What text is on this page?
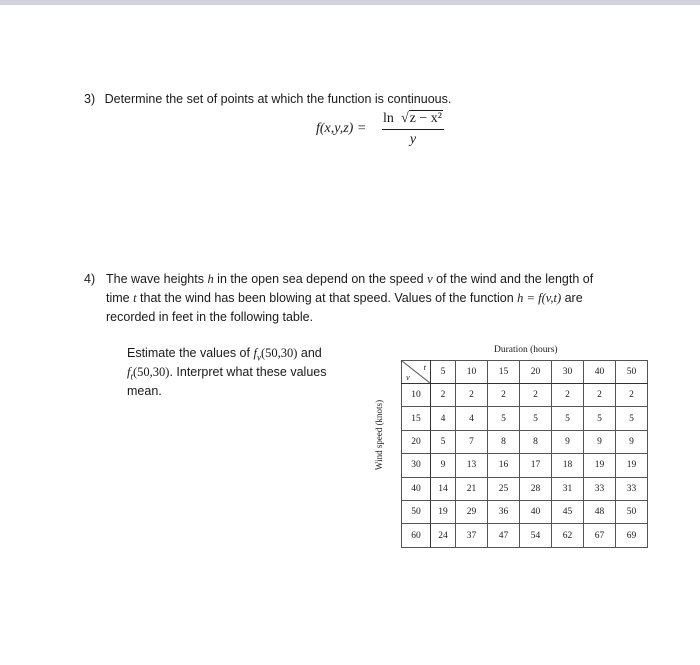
3) Determine the set of points at which the function is continuous.
f(x,y,z) =
ln  √z − x²
y
4) The wave heights h in the open sea depend on the speed v of the wind and the length of
time t that the wind has been blowing at that speed. Values of the function h = f(v,t) are
recorded in feet in the following table.
Estimate the values of $f_v(50,30)$ and
$f_t(50,30)$. Interpret what these values
mean.
Duration (hours)
Wind speed (knots)
t
v	5	10	15	20	30	40	50
10	2	2	2	2	2	2	2
15	4	4	5	5	5	5	5
20	5	7	8	8	9	9	9
30	9	13	16	17	18	19	19
40	14	21	25	28	31	33	33
50	19	29	36	40	45	48	50
60	24	37	47	54	62	67	69
